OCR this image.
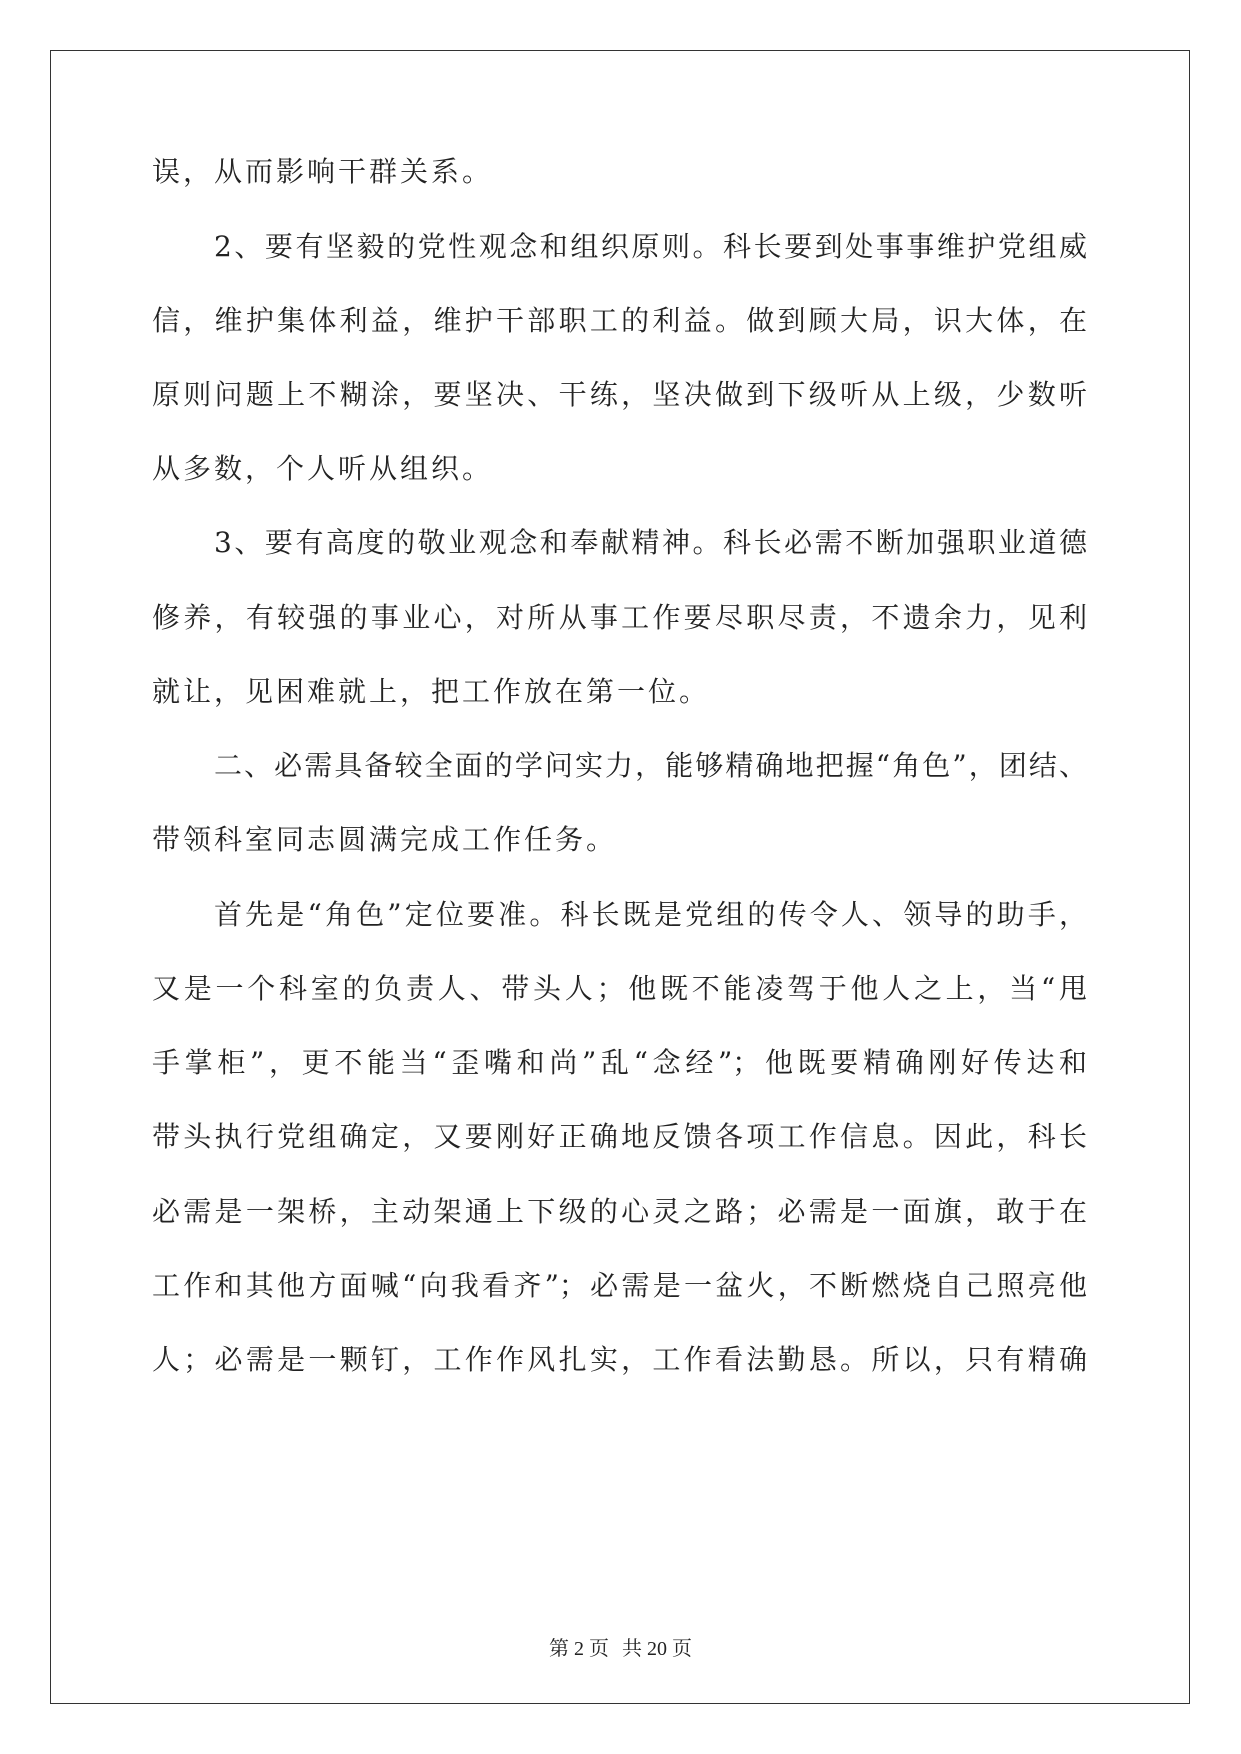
误，从而影响干群关系。
2、要有坚毅的党性观念和组织原则。科长要到处事事维护党组威
信，维护集体利益，维护干部职工的利益。做到顾大局，识大体，在
原则问题上不糊涂，要坚决、干练，坚决做到下级听从上级，少数听
从多数，个人听从组织。
3、要有高度的敬业观念和奉献精神。科长必需不断加强职业道德
修养，有较强的事业心，对所从事工作要尽职尽责，不遗余力，见利
就让，见困难就上，把工作放在第一位。
二、必需具备较全面的学问实力，能够精确地把握“角色”，团结、
带领科室同志圆满完成工作任务。
首先是“角色”定位要准。科长既是党组的传令人、领导的助手，
又是一个科室的负责人、带头人；他既不能凌驾于他人之上，当“甩
手掌柜”，更不能当“歪嘴和尚”乱“念经”；他既要精确刚好传达和
带头执行党组确定，又要刚好正确地反馈各项工作信息。因此，科长
必需是一架桥，主动架通上下级的心灵之路；必需是一面旗，敢于在
工作和其他方面喊“向我看齐”；必需是一盆火，不断燃烧自己照亮他
人；必需是一颗钉，工作作风扎实，工作看法勤恳。所以，只有精确
第 2 页 共 20 页
